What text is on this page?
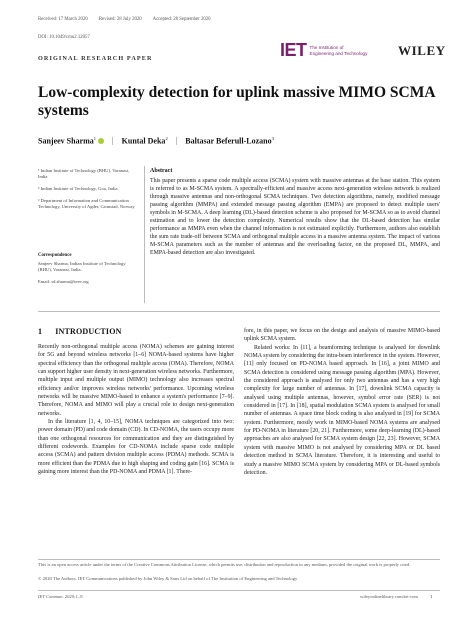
Received: 17 March 2020 Revised: 28 July 2020 Accepted: 28 September 2020
DOI: 10.1049/cmu2.12057
ORIGINAL RESEARCH PAPER	IET The Institution of
Engineering and Technology WILEY
Low-complexity detection for uplink massive MIMO SCMA systems
Sanjeev Sharma$^1$ | Kuntal Deka$^2$ | Baltasar Beferull-Lozano$^3$
¹ Indian Institute of Technology (BHU), Varanasi, India
² Indian Institute of Technology, Goa, India
³ Department of Information and Communication Technology, University of Agder, Grimstad, Norway
Correspondence
Sanjeev Sharma, Indian Institute of Technology (BHU), Varanasi, India.
Email: sd.sharma@ieee.org
Abstract
This paper presents a sparse code multiple access (SCMA) system with massive antennas at the base station. This system is referred to as M-SCMA system. A spectrally-efficient and massive access next-generation wireless network is realized through massive antennas and non-orthogonal SCMA techniques. Two detection algorithms, namely, modified message passing algorithm (MMPA) and extended message passing algorithm (EMPA) are proposed to detect multiple users' symbols in M-SCMA. A deep learning (DL)-based detection scheme is also proposed for M-SCMA so as to avoid channel estimation and to lower the detection complexity. Numerical results show that the DL-based detection has similar performance as MMPA even when the channel information is not estimated explicitly. Furthermore, authors also establish the sum rate trade-off between SCMA and orthogonal multiple access in a massive antenna system. The impact of various M-SCMA parameters such as the number of antennas and the overloading factor, on the proposed DL, MMPA, and EMPA-based detection are also investigated.
1 INTRODUCTION

Recently non-orthogonal multiple access (NOMA) schemes are gaining interest for 5G and beyond wireless networks [1–6] NOMA-based systems have higher spectral efficiency than the orthogonal multiple access (OMA). Therefore, NOMA can support higher user density in next-generation wireless networks. Furthermore, multiple input and multiple output (MIMO) technology also increases spectral efficiency and/or improves wireless networks' performance. Upcoming wireless networks will be massive MIMO-based to enhance a system's performance [7–9]. Therefore, NOMA and MIMO will play a crucial role to design next-generation networks.

In the literature [1, 4, 10–15], NOMA techniques are categorized into two: power domain (PD) and code domain (CD). In CD-NOMA, the users occupy more than one orthogonal resources for communication and they are distinguished by different codewords. Examples for CD-NOMA include sparse code multiple access (SCMA) and pattern division multiple access (PDMA) methods. SCMA is more efficient than the PDMA due to high shaping and coding gain [16]. SCMA is gaining more interest than the PD-NOMA and PDMA [1]. There-

fore, in this paper, we focus on the design and analysis of massive MIMO-based uplink SCMA system.

Related works: In [11], a beamforming technique is analysed for downlink NOMA system by considering the intra-beam interference in the system. However, [11] only focused on PD-NOMA based approach. In [16], a joint MIMO and SCMA detection is considered using message passing algorithm (MPA). However, the considered approach is analysed for only two antennas and has a very high complexity for large number of antennas. In [17], downlink SCMA capacity is analysed using multiple antennas, however, symbol error rate (SER) is not considered in [17]. In [18], spatial modulation SCMA system is analysed for small number of antennas. A space time block coding is also analysed in [19] for SCMA system. Furthermore, mostly work in MIMO-based NOMA systems are analysed for PD-NOMA in literature [20, 21]. Furthermore, some deep-learning (DL)-based approaches are also analysed for SCMA system design [22, 23]. However, SCMA system with massive MIMO is not analysed by considering MPA or DL based detection method in SCMA literature. Therefore, it is interesting and useful to study a massive MIMO SCMA system by considering MPA or DL-based symbols detection.

This is an open access article under the terms of the Creative Commons Attribution License, which permits use, distribution and reproduction in any medium, provided the original work is properly cited.
© 2020 The Authors. IET Communications published by John Wiley & Sons Ltd on behalf of The Institution of Engineering and Technology
IET Commun. 2020;1–9.	wileyonlinelibrary.com/iet-com	1
